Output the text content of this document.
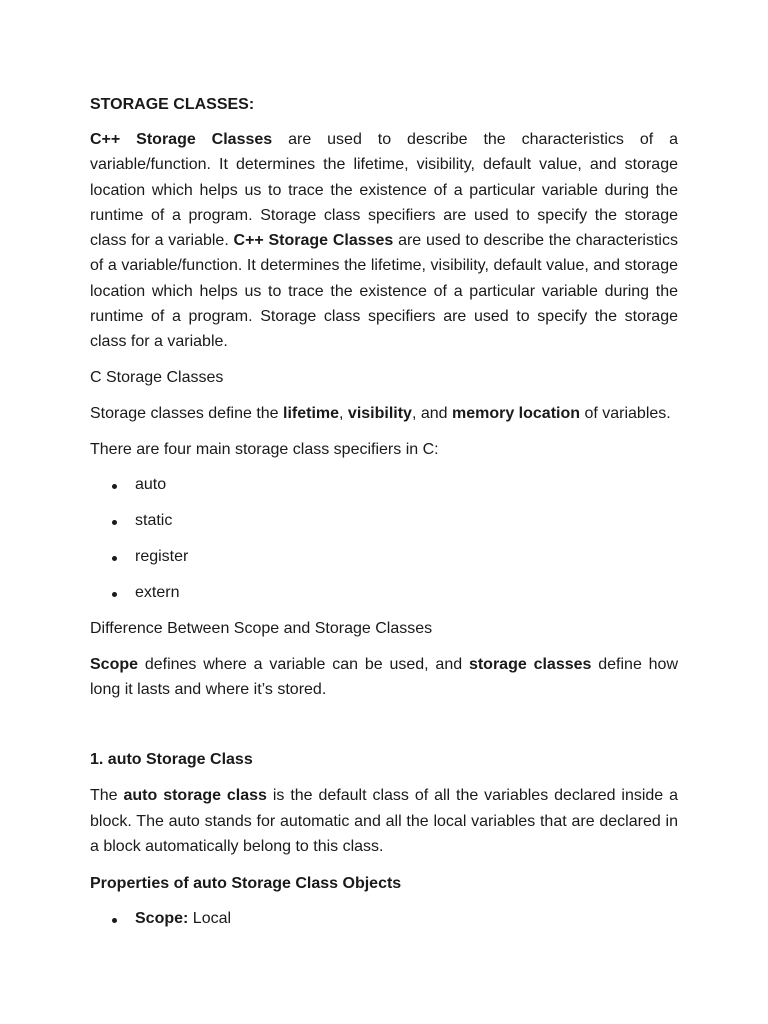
STORAGE CLASSES:

C++ Storage Classes are used to describe the characteristics of a variable/function. It determines the lifetime, visibility, default value, and storage location which helps us to trace the existence of a particular variable during the runtime of a program. Storage class specifiers are used to specify the storage class for a variable. C++ Storage Classes are used to describe the characteristics of a variable/function. It determines the lifetime, visibility, default value, and storage location which helps us to trace the existence of a particular variable during the runtime of a program. Storage class specifiers are used to specify the storage class for a variable.

C Storage Classes

Storage classes define the lifetime, visibility, and memory location of variables.

There are four main storage class specifiers in C:

auto
static
register
extern

Difference Between Scope and Storage Classes

Scope defines where a variable can be used, and storage classes define how long it lasts and where it’s stored.

1. auto Storage Class

The auto storage class is the default class of all the variables declared inside a block. The auto stands for automatic and all the local variables that are declared in a block automatically belong to this class.

Properties of auto Storage Class Objects

Scope: Local
